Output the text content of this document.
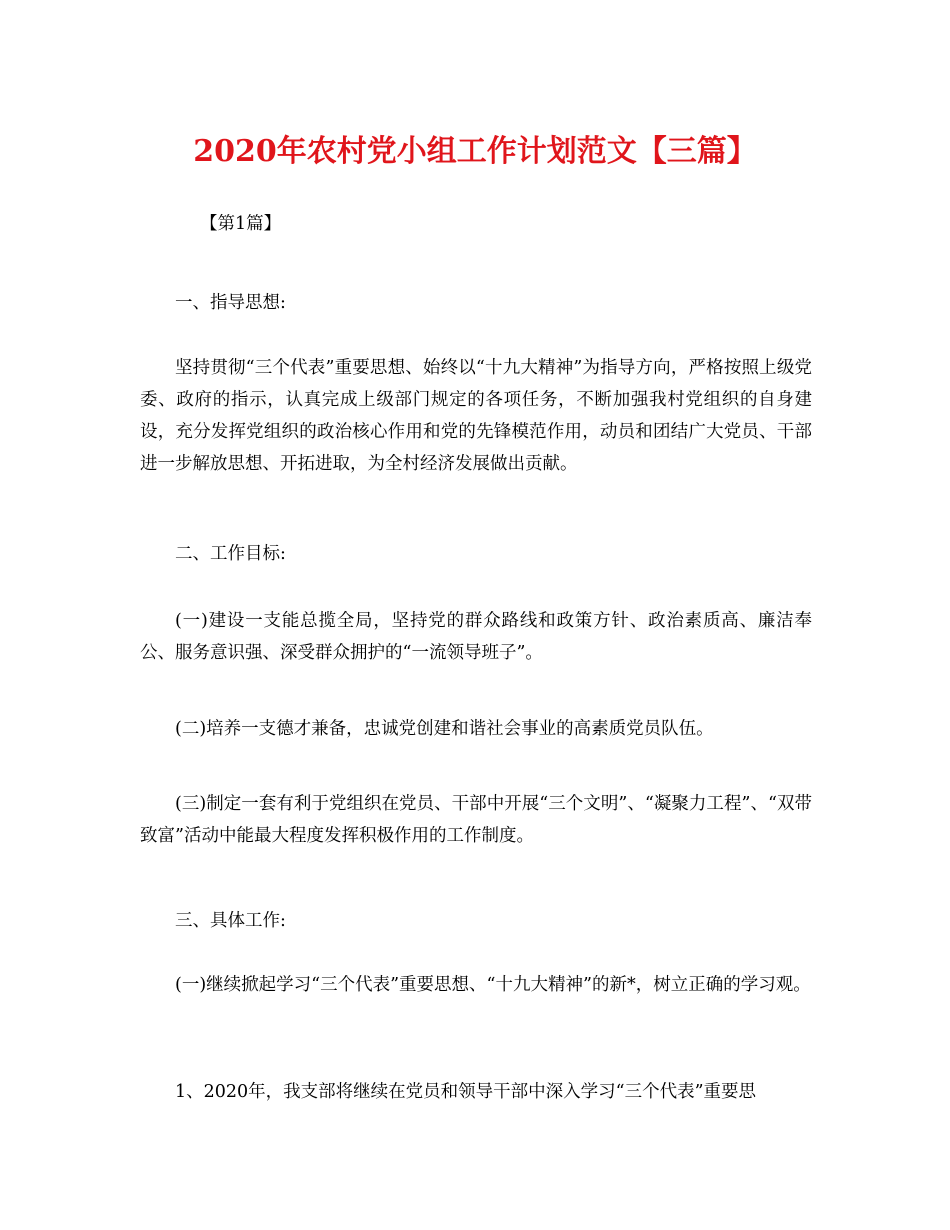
2020年农村党小组工作计划范文【三篇】

【第1篇】

一、指导思想:

坚持贯彻“三个代表”重要思想、始终以“十九大精神”为指导方向，严格按照上级党委、政府的指示，认真完成上级部门规定的各项任务，不断加强我村党组织的自身建设，充分发挥党组织的政治核心作用和党的先锋模范作用，动员和团结广大党员、干部进一步解放思想、开拓进取，为全村经济发展做出贡献。

二、工作目标:

(一)建设一支能总揽全局，坚持党的群众路线和政策方针、政治素质高、廉洁奉公、服务意识强、深受群众拥护的“一流领导班子”。

(二)培养一支德才兼备，忠诚党创建和谐社会事业的高素质党员队伍。

(三)制定一套有利于党组织在党员、干部中开展“三个文明”、“凝聚力工程”、“双带致富”活动中能最大程度发挥积极作用的工作制度。

三、具体工作:

(一)继续掀起学习“三个代表”重要思想、“十九大精神”的新*，树立正确的学习观。

1、2020年，我支部将继续在党员和领导干部中深入学习“三个代表”重要思
